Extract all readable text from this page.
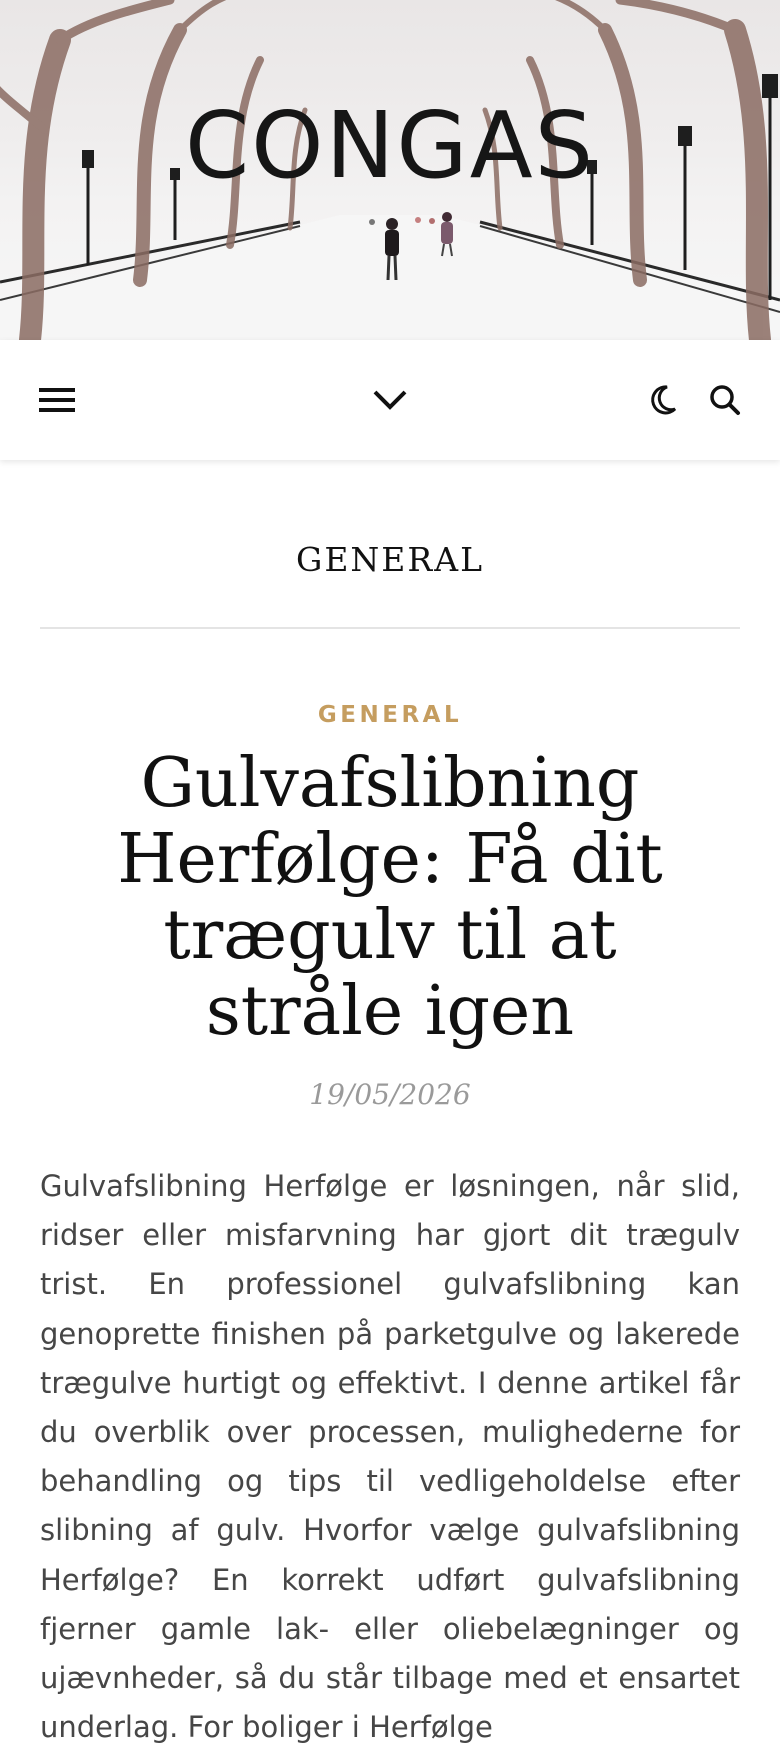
CONGAS
GENERAL
GENERAL
Gulvafslibning Herfølge: Få dit trægulv til at stråle igen
19/05/2026

Gulvafslibning Herfølge er løsningen, når slid, ridser eller misfarvning har gjort dit trægulv trist. En professionel gulvafslibning kan genoprette finishen på parketgulve og lakerede trægulve hurtigt og effektivt. I denne artikel får du overblik over processen, mulighederne for behandling og tips til vedligeholdelse efter slibning af gulv. Hvorfor vælge gulvafslibning Herfølge? En korrekt udført gulvafslibning fjerner gamle lak- eller oliebelægninger og ujævnheder, så du står tilbage med et ensartet underlag. For boliger i Herfølge
